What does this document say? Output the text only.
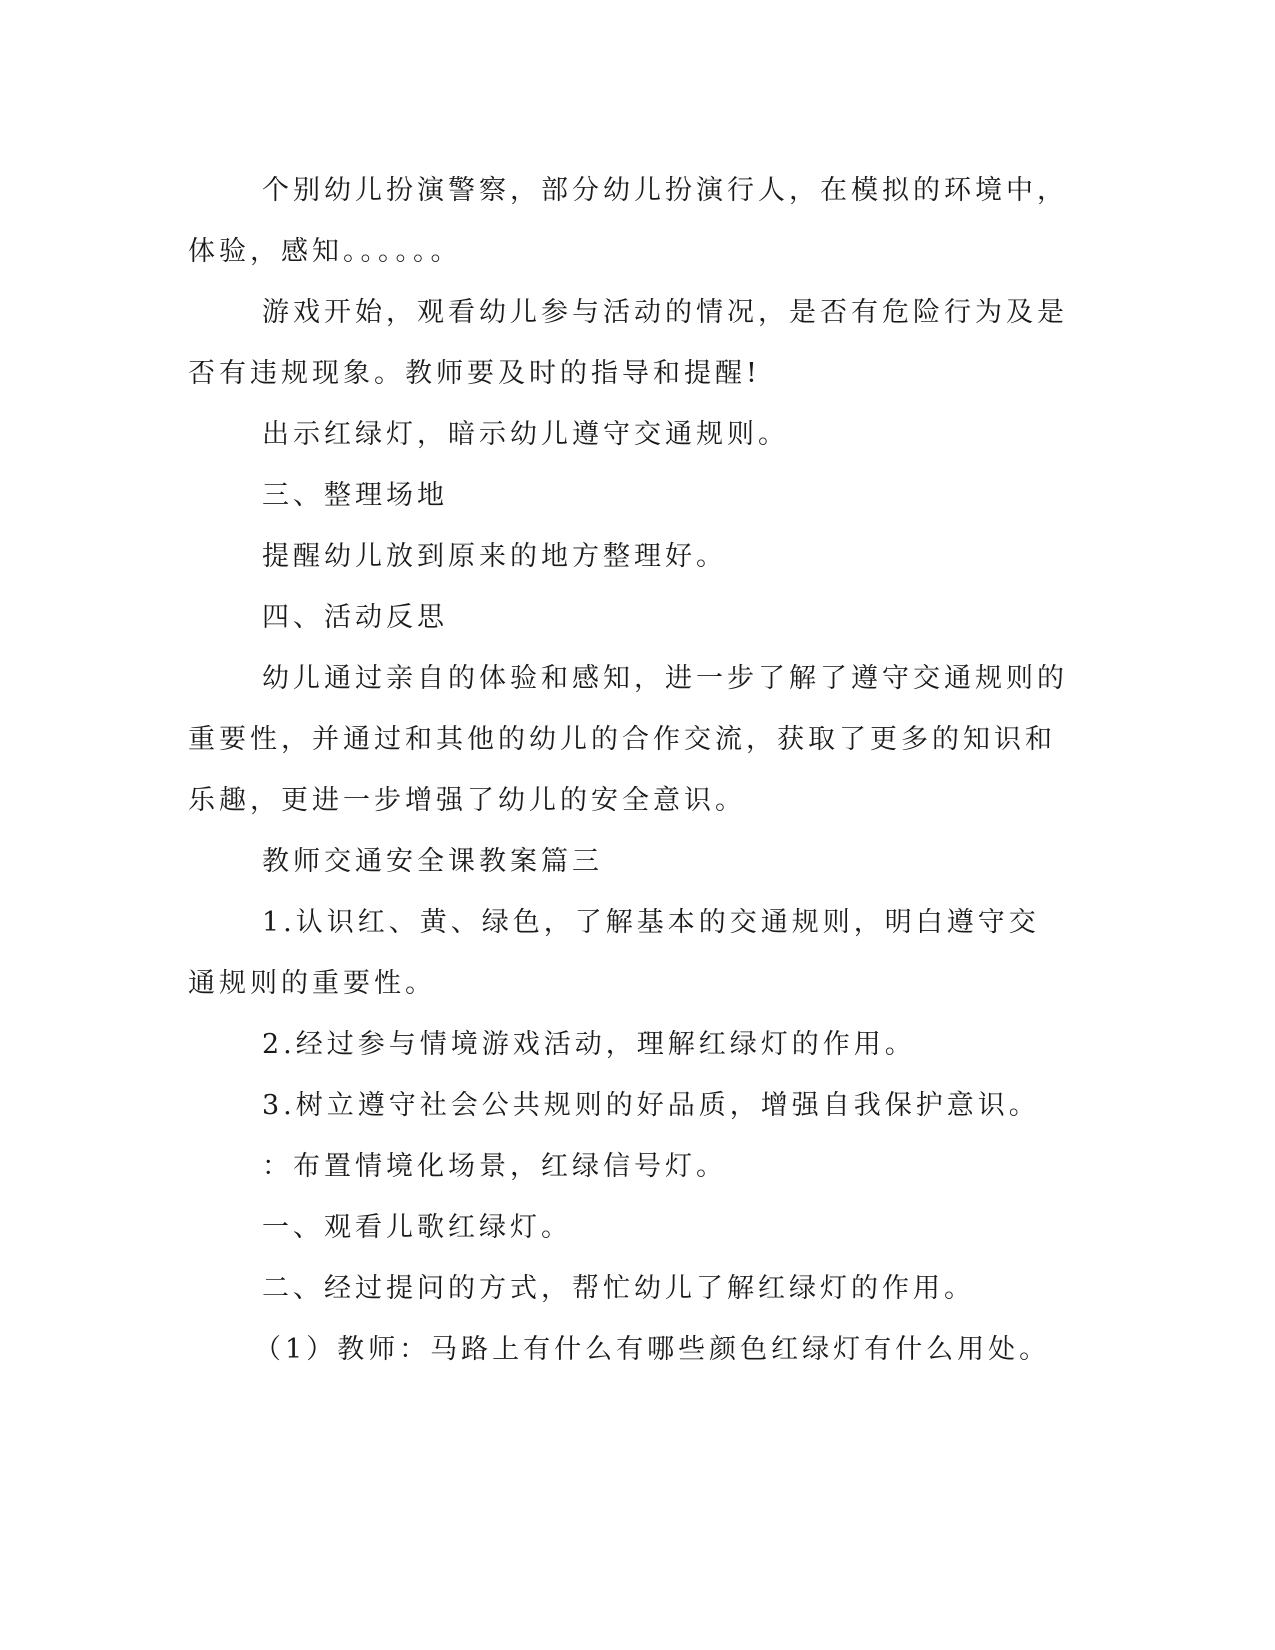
个别幼儿扮演警察，部分幼儿扮演行人，在模拟的环境中，体验，感知。。。。。。

游戏开始，观看幼儿参与活动的情况，是否有危险行为及是否有违规现象。教师要及时的指导和提醒!

出示红绿灯，暗示幼儿遵守交通规则。

三、整理场地

提醒幼儿放到原来的地方整理好。

四、活动反思

幼儿通过亲自的体验和感知，进一步了解了遵守交通规则的重要性，并通过和其他的幼儿的合作交流，获取了更多的知识和乐趣，更进一步增强了幼儿的安全意识。

教师交通安全课教案篇三

1.认识红、黄、绿色，了解基本的交通规则，明白遵守交通规则的重要性。

2.经过参与情境游戏活动，理解红绿灯的作用。

3.树立遵守社会公共规则的好品质，增强自我保护意识。

：布置情境化场景，红绿信号灯。

一、观看儿歌红绿灯。

二、经过提问的方式，帮忙幼儿了解红绿灯的作用。

（1）教师：马路上有什么有哪些颜色红绿灯有什么用处。
